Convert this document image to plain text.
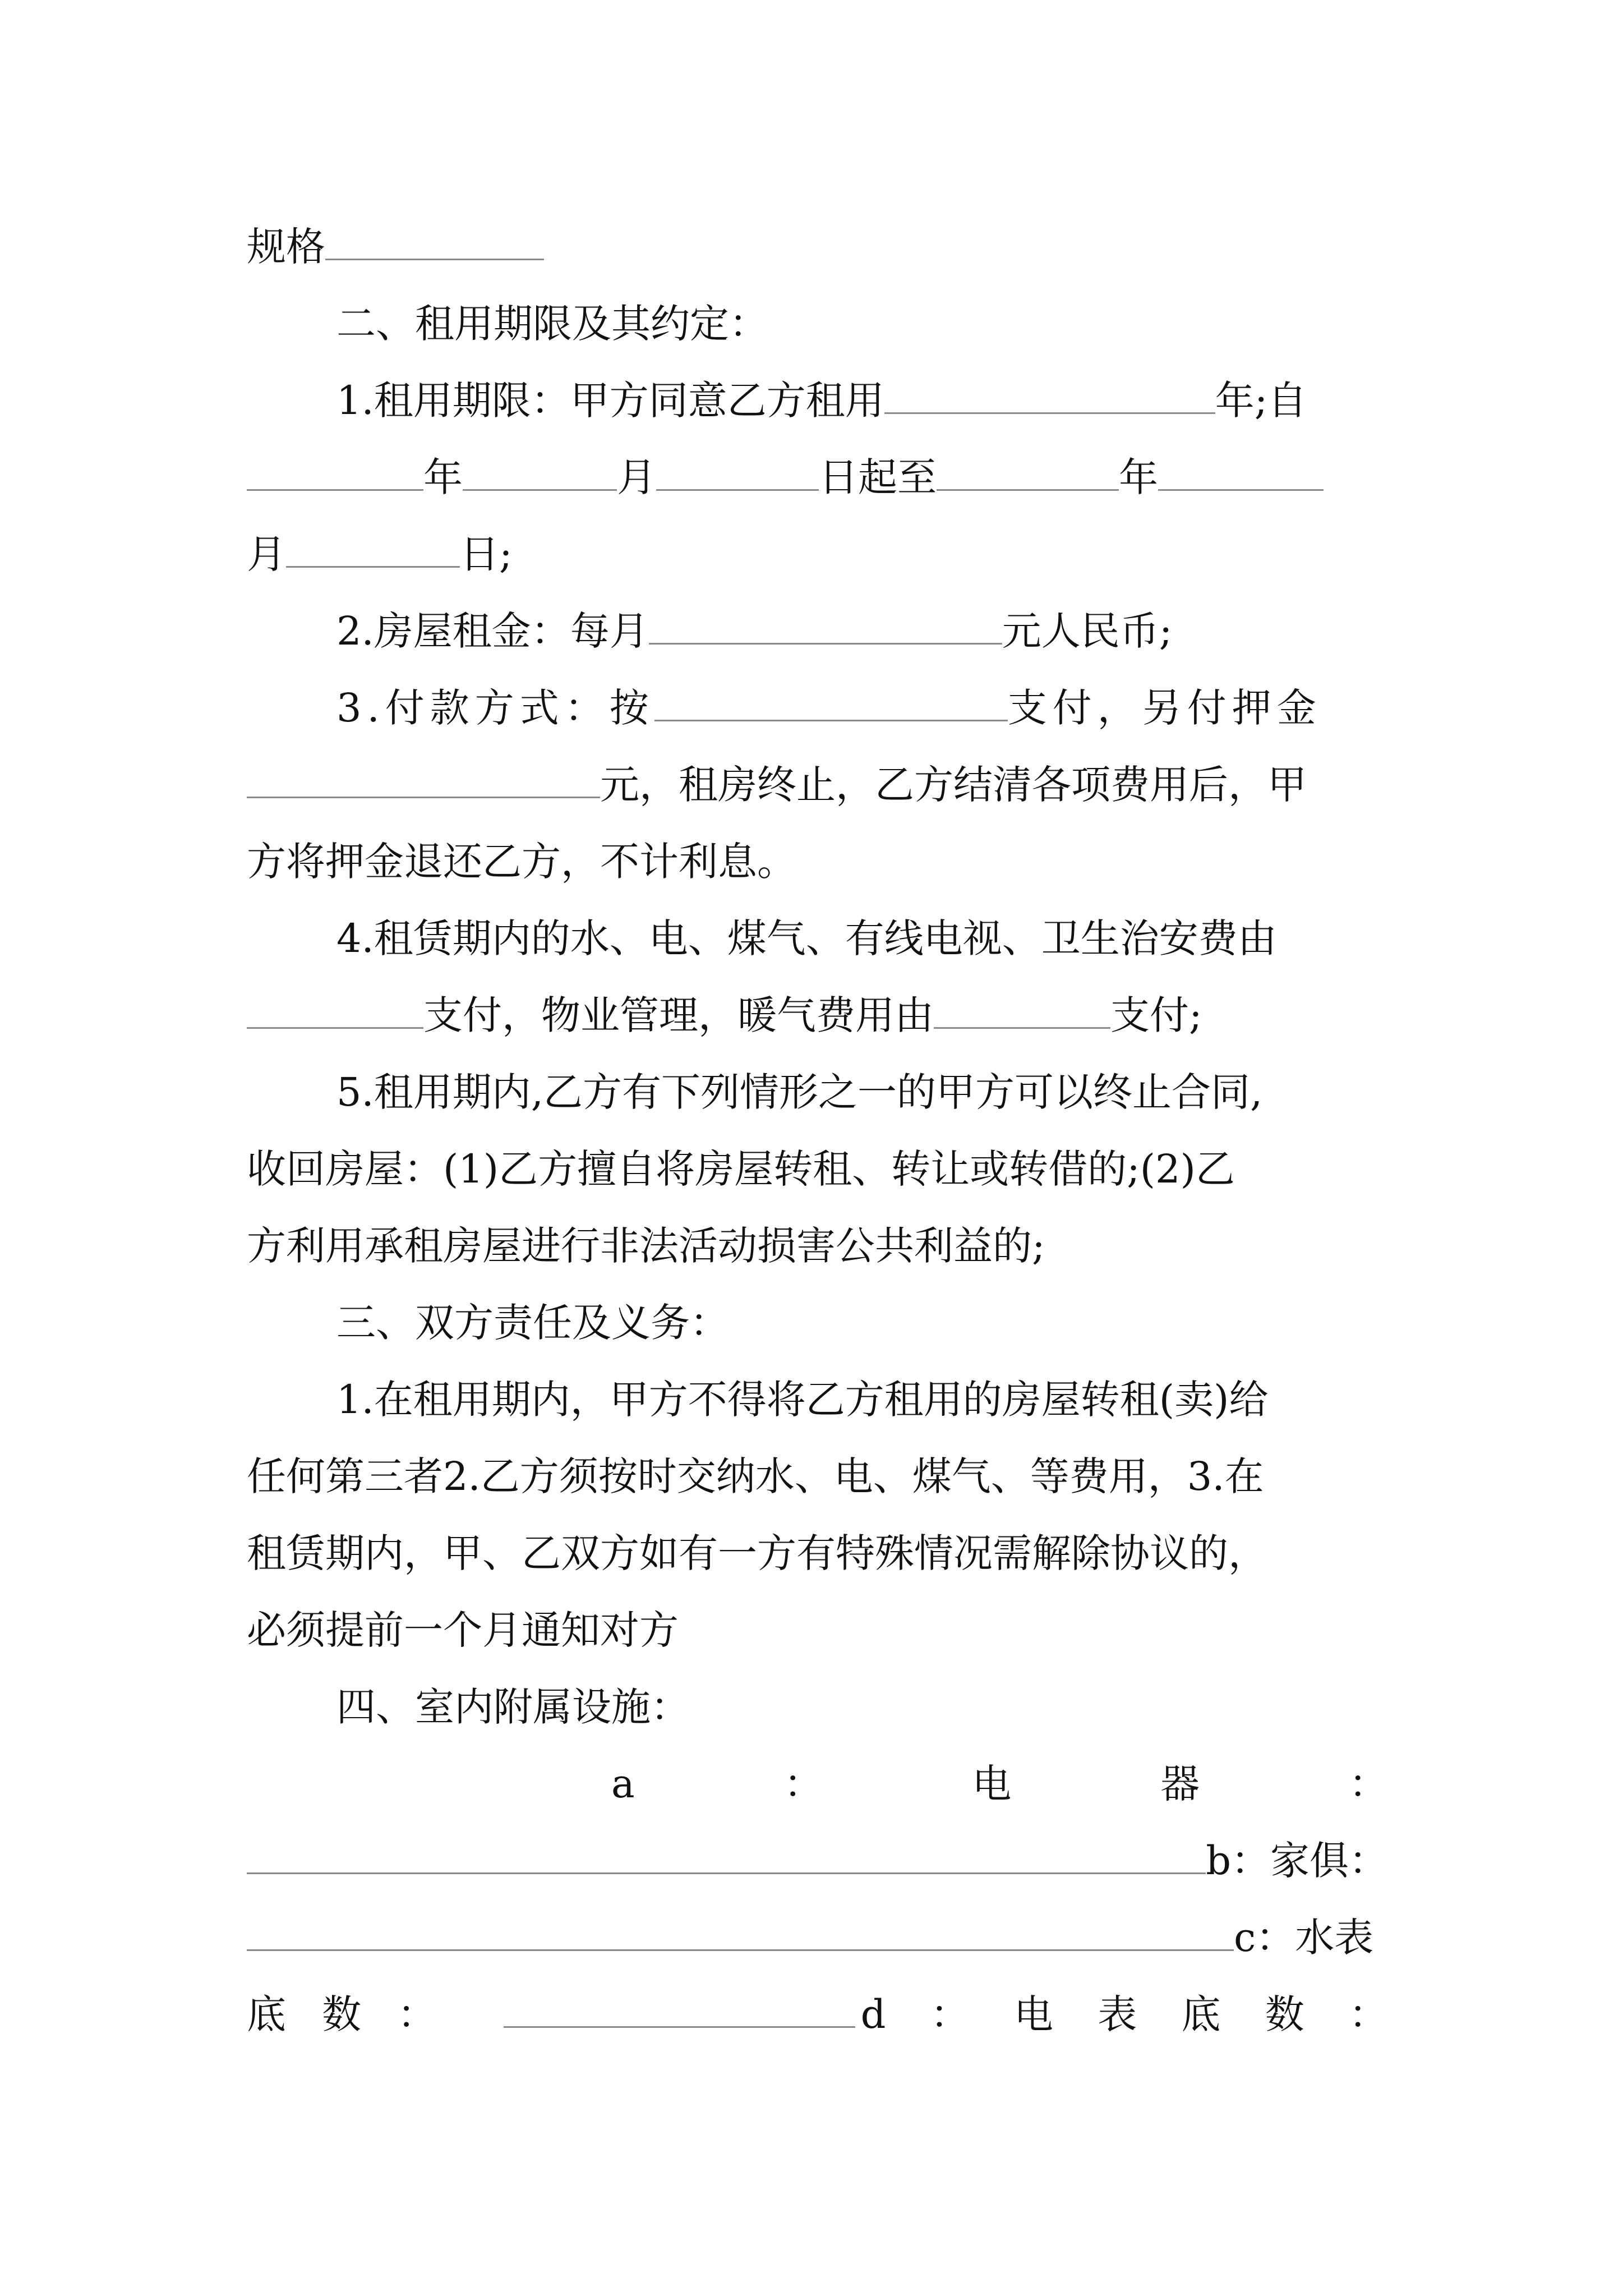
规格
二、租用期限及其约定：
1.租用期限：甲方同意乙方租用	年;自
年	月	日起至	年
月	日;
2.房屋租金：每月	元人民币;
3.付款方式：按	支付，另付押金
元，租房终止，乙方结清各项费用后，甲
方将押金退还乙方，不计利息。
4.租赁期内的水、电、煤气、有线电视、卫生治安费由
支付，物业管理，暖气费用由	支付;
5.租用期内,乙方有下列情形之一的甲方可以终止合同,
收回房屋：(1)乙方擅自将房屋转租、转让或转借的;(2)乙
方利用承租房屋进行非法活动损害公共利益的;
三、双方责任及义务：
1.在租用期内，甲方不得将乙方租用的房屋转租(卖)给
任何第三者2.乙方须按时交纳水、电、煤气、等费用，3.在
租赁期内，甲、乙双方如有一方有特殊情况需解除协议的，
必须提前一个月通知对方
四、室内附属设施：
a	：	电	器	：
b：家俱：
c：水表
底 数 ：	d ： 电 表 底 数 ：
